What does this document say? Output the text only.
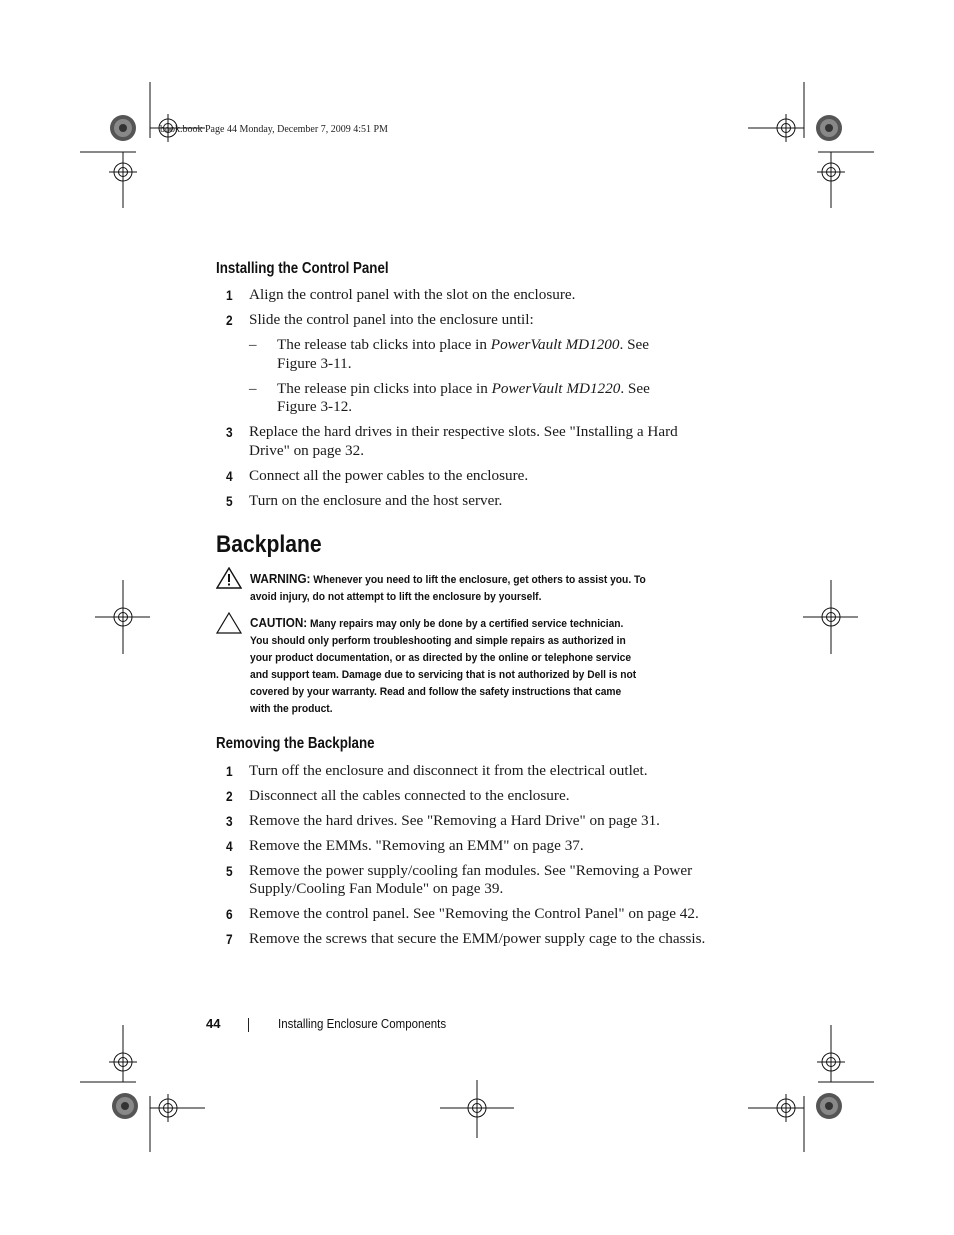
book.book Page 44 Monday, December 7, 2009 4:51 PM
Installing the Control Panel
1 Align the control panel with the slot on the enclosure.
2 Slide the control panel into the enclosure until:
– The release tab clicks into place in PowerVault MD1200. See
Figure 3-11.
– The release pin clicks into place in PowerVault MD1220. See
Figure 3-12.
3 Replace the hard drives in their respective slots. See "Installing a Hard
Drive" on page 32.
4 Connect all the power cables to the enclosure.
5 Turn on the enclosure and the host server.
Backplane
WARNING: Whenever you need to lift the enclosure, get others to assist you. To
avoid injury, do not attempt to lift the enclosure by yourself.
CAUTION: Many repairs may only be done by a certified service technician.
You should only perform troubleshooting and simple repairs as authorized in
your product documentation, or as directed by the online or telephone service
and support team. Damage due to servicing that is not authorized by Dell is not
covered by your warranty. Read and follow the safety instructions that came
with the product.
Removing the Backplane
1 Turn off the enclosure and disconnect it from the electrical outlet.
2 Disconnect all the cables connected to the enclosure.
3 Remove the hard drives. See "Removing a Hard Drive" on page 31.
4 Remove the EMMs. "Removing an EMM" on page 37.
5 Remove the power supply/cooling fan modules. See "Removing a Power
Supply/Cooling Fan Module" on page 39.
6 Remove the control panel. See "Removing the Control Panel" on page 42.
7 Remove the screws that secure the EMM/power supply cage to the chassis.
44	Installing Enclosure Components
